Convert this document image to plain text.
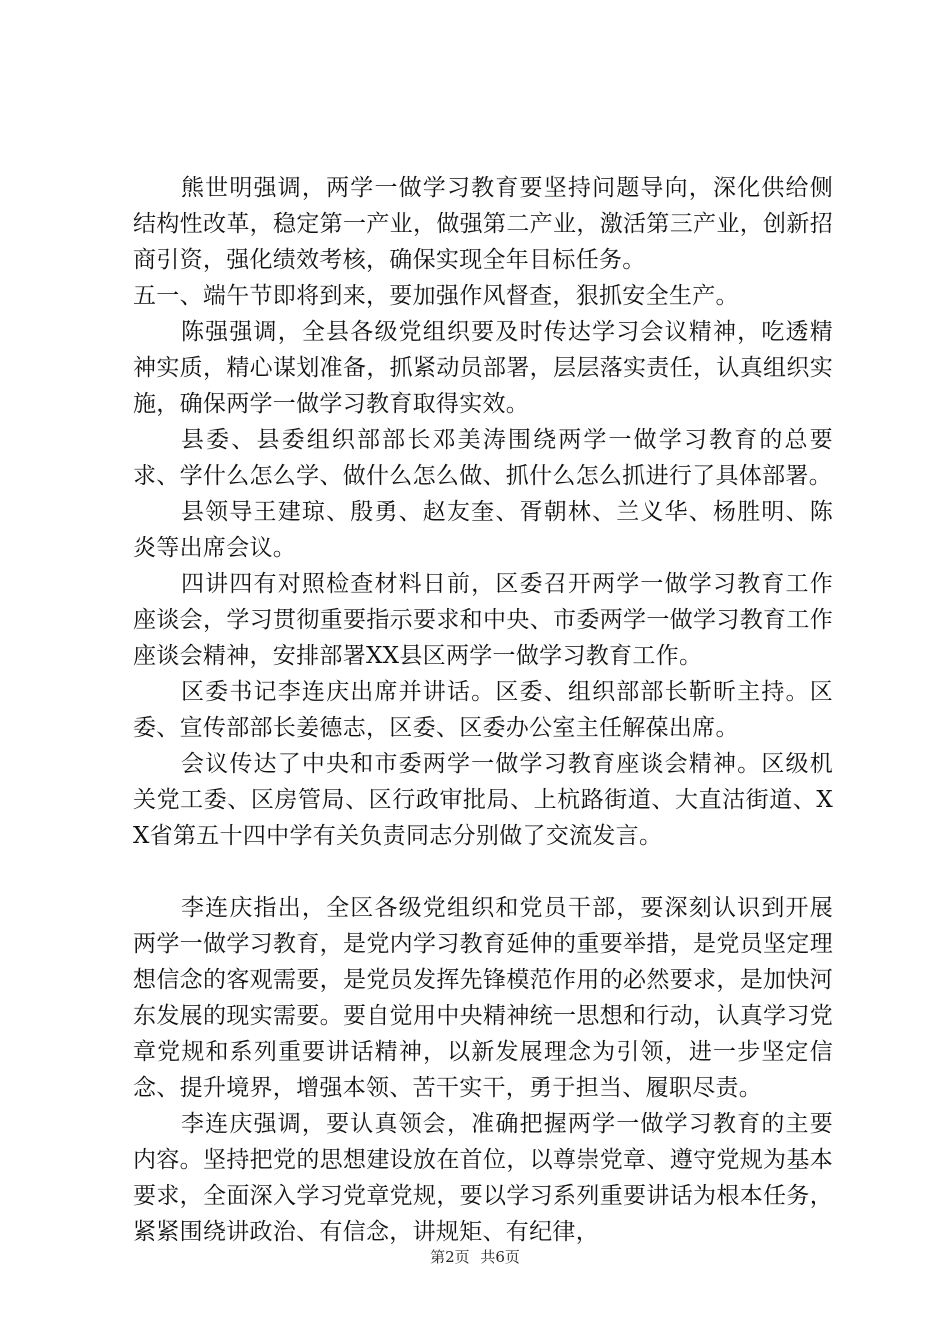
熊世明强调，两学一做学习教育要坚持问题导向，深化供给侧结构性改革，稳定第一产业，做强第二产业，激活第三产业，创新招商引资，强化绩效考核，确保实现全年目标任务。

五一、端午节即将到来，要加强作风督查，狠抓安全生产。

陈强强调，全县各级党组织要及时传达学习会议精神，吃透精神实质，精心谋划准备，抓紧动员部署，层层落实责任，认真组织实施，确保两学一做学习教育取得实效。

县委、县委组织部部长邓美涛围绕两学一做学习教育的总要求、学什么怎么学、做什么怎么做、抓什么怎么抓进行了具体部署。

县领导王建琼、殷勇、赵友奎、胥朝林、兰义华、杨胜明、陈炎等出席会议。

四讲四有对照检查材料日前，区委召开两学一做学习教育工作座谈会，学习贯彻重要指示要求和中央、市委两学一做学习教育工作座谈会精神，安排部署XX县区两学一做学习教育工作。

区委书记李连庆出席并讲话。区委、组织部部长靳昕主持。区委、宣传部部长姜德志，区委、区委办公室主任解葆出席。

会议传达了中央和市委两学一做学习教育座谈会精神。区级机关党工委、区房管局、区行政审批局、上杭路街道、大直沽街道、XX省第五十四中学有关负责同志分别做了交流发言。

李连庆指出，全区各级党组织和党员干部，要深刻认识到开展两学一做学习教育，是党内学习教育延伸的重要举措，是党员坚定理想信念的客观需要，是党员发挥先锋模范作用的必然要求，是加快河东发展的现实需要。要自觉用中央精神统一思想和行动，认真学习党章党规和系列重要讲话精神，以新发展理念为引领，进一步坚定信念、提升境界，增强本领、苦干实干，勇于担当、履职尽责。

李连庆强调，要认真领会，准确把握两学一做学习教育的主要内容。坚持把党的思想建设放在首位，以尊崇党章、遵守党规为基本要求，全面深入学习党章党规，要以学习系列重要讲话为根本任务，紧紧围绕讲政治、有信念，讲规矩、有纪律，

第2页 共6页
